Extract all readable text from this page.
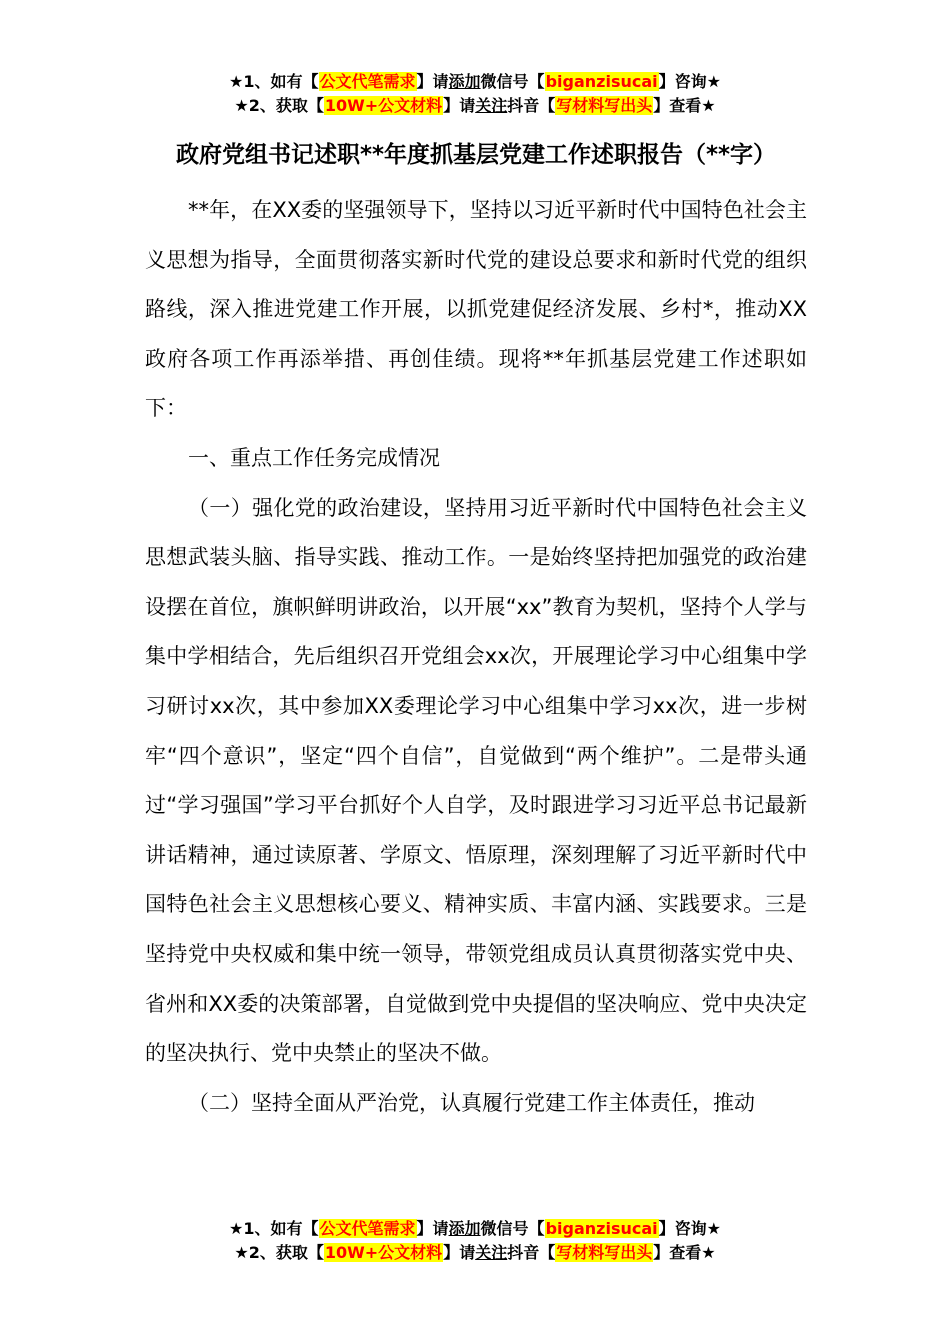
★1、如有【公文代笔需求】请添加微信号【biganzisucai】咨询★
★2、获取【10W+公文材料】请关注抖音【写材料写出头】查看★
政府党组书记述职**年度抓基层党建工作述职报告（**字）

**年，在XX委的坚强领导下，坚持以习近平新时代中国特色社会主义思想为指导，全面贯彻落实新时代党的建设总要求和新时代党的组织路线，深入推进党建工作开展，以抓党建促经济发展、乡村*，推动XX政府各项工作再添举措、再创佳绩。现将**年抓基层党建工作述职如下：

一、重点工作任务完成情况

（一）强化党的政治建设，坚持用习近平新时代中国特色社会主义思想武装头脑、指导实践、推动工作。一是始终坚持把加强党的政治建设摆在首位，旗帜鲜明讲政治，以开展“xx”教育为契机，坚持个人学与集中学相结合，先后组织召开党组会xx次，开展理论学习中心组集中学习研讨xx次，其中参加XX委理论学习中心组集中学习xx次，进一步树牢“四个意识”，坚定“四个自信”，自觉做到“两个维护”。二是带头通过“学习强国”学习平台抓好个人自学，及时跟进学习习近平总书记最新讲话精神，通过读原著、学原文、悟原理，深刻理解了习近平新时代中国特色社会主义思想核心要义、精神实质、丰富内涵、实践要求。三是坚持党中央权威和集中统一领导，带领党组成员认真贯彻落实党中央、省州和XX委的决策部署，自觉做到党中央提倡的坚决响应、党中央决定的坚决执行、党中央禁止的坚决不做。

（二）坚持全面从严治党，认真履行党建工作主体责任，推动

★1、如有【公文代笔需求】请添加微信号【biganzisucai】咨询★
★2、获取【10W+公文材料】请关注抖音【写材料写出头】查看★
